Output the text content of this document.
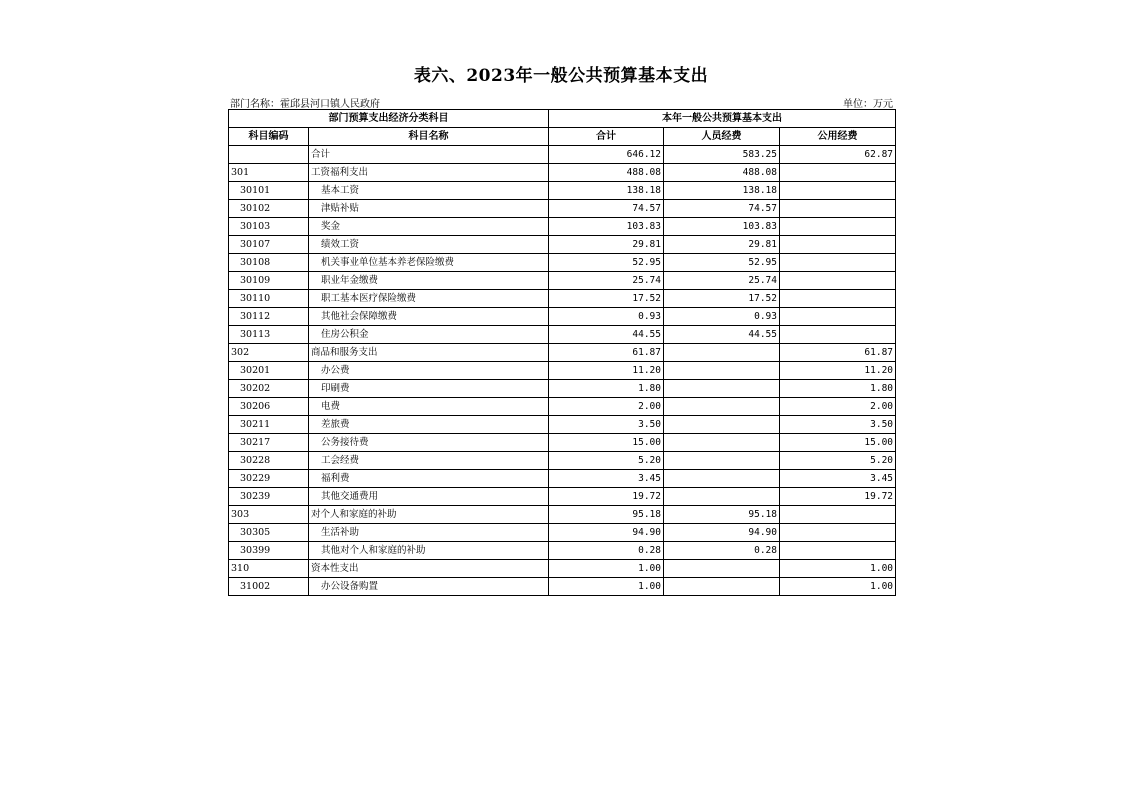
表六、2023年一般公共预算基本支出
部门名称：霍邱县河口镇人民政府	单位：万元
部门预算支出经济分类科目		本年一般公共预算基本支出		
科目编码	科目名称	合计	人员经费	公用经费
	合计	646.12	583.25	62.87
301	工资福利支出	488.08	488.08	
30101	基本工资	138.18	138.18	
30102	津贴补贴	74.57	74.57	
30103	奖金	103.83	103.83	
30107	绩效工资	29.81	29.81	
30108	机关事业单位基本养老保险缴费	52.95	52.95	
30109	职业年金缴费	25.74	25.74	
30110	职工基本医疗保险缴费	17.52	17.52	
30112	其他社会保障缴费	0.93	0.93	
30113	住房公积金	44.55	44.55	
302	商品和服务支出	61.87		61.87
30201	办公费	11.20		11.20
30202	印刷费	1.80		1.80
30206	电费	2.00		2.00
30211	差旅费	3.50		3.50
30217	公务接待费	15.00		15.00
30228	工会经费	5.20		5.20
30229	福利费	3.45		3.45
30239	其他交通费用	19.72		19.72
303	对个人和家庭的补助	95.18	95.18	
30305	生活补助	94.90	94.90	
30399	其他对个人和家庭的补助	0.28	0.28	
310	资本性支出	1.00		1.00
31002	办公设备购置	1.00		1.00
